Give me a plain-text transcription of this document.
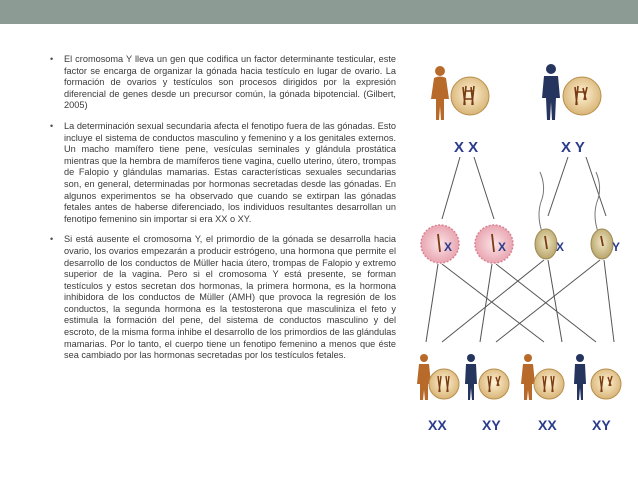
• El cromosoma Y lleva un gen que codifica un factor determinante testicular, este factor se encarga de organizar la gónada hacia testículo en lugar de ovario. La formación de ovarios y testículos son procesos dirigidos por la expresión diferencial de genes desde un precursor común, la gónada bipotencial. (Gilbert, 2005)
• La determinación sexual secundaria afecta el fenotipo fuera de las gónadas. Esto incluye el sistema de conductos masculino y femenino y a los genitales externos. Un macho mamífero tiene pene, vesículas seminales y glándula prostática mientras que la hembra de mamíferos tiene vagina, cuello uterino, útero, trompas de Falopio y glándulas mamarias. Estas características sexuales secundarias son, en general, determinadas por hormonas secretadas desde las gónadas. En algunos experimentos se ha observado que cuando se extirpan las gónadas fetales antes de haberse diferenciado, los individuos resultantes desarrollan un fenotipo femenino sin importar si era XX o XY.
• Si está ausente el cromosoma Y, el primordio de la gónada se desarrolla hacia ovario, los ovarios empezarán a producir estrógeno, una hormona que permite el desarrollo de los conductos de Müller hacia útero, trompas de Falopio y extremo superior de la vagina. Pero si el cromosoma Y está presente, se forman testículos y estos secretan dos hormonas, la primera hormona, es la hormona inhibidora de los conductos de Müller (AMH) que provoca la regresión de los conductos, la segunda hormona es la testosterona que masculiniza el feto y estimula la formación del pene, del sistema de conductos masculino y del escroto, de la misma forma inhibe el desarrollo de los primordios de las glándulas mamarias. Por lo tanto, el cuerpo tiene un fenotipo femenino a menos que éste sea cambiado por las hormonas secretadas por los testículos fetales.
X X	X Y
X	X	X	Y
XX	XY	XX	XY
